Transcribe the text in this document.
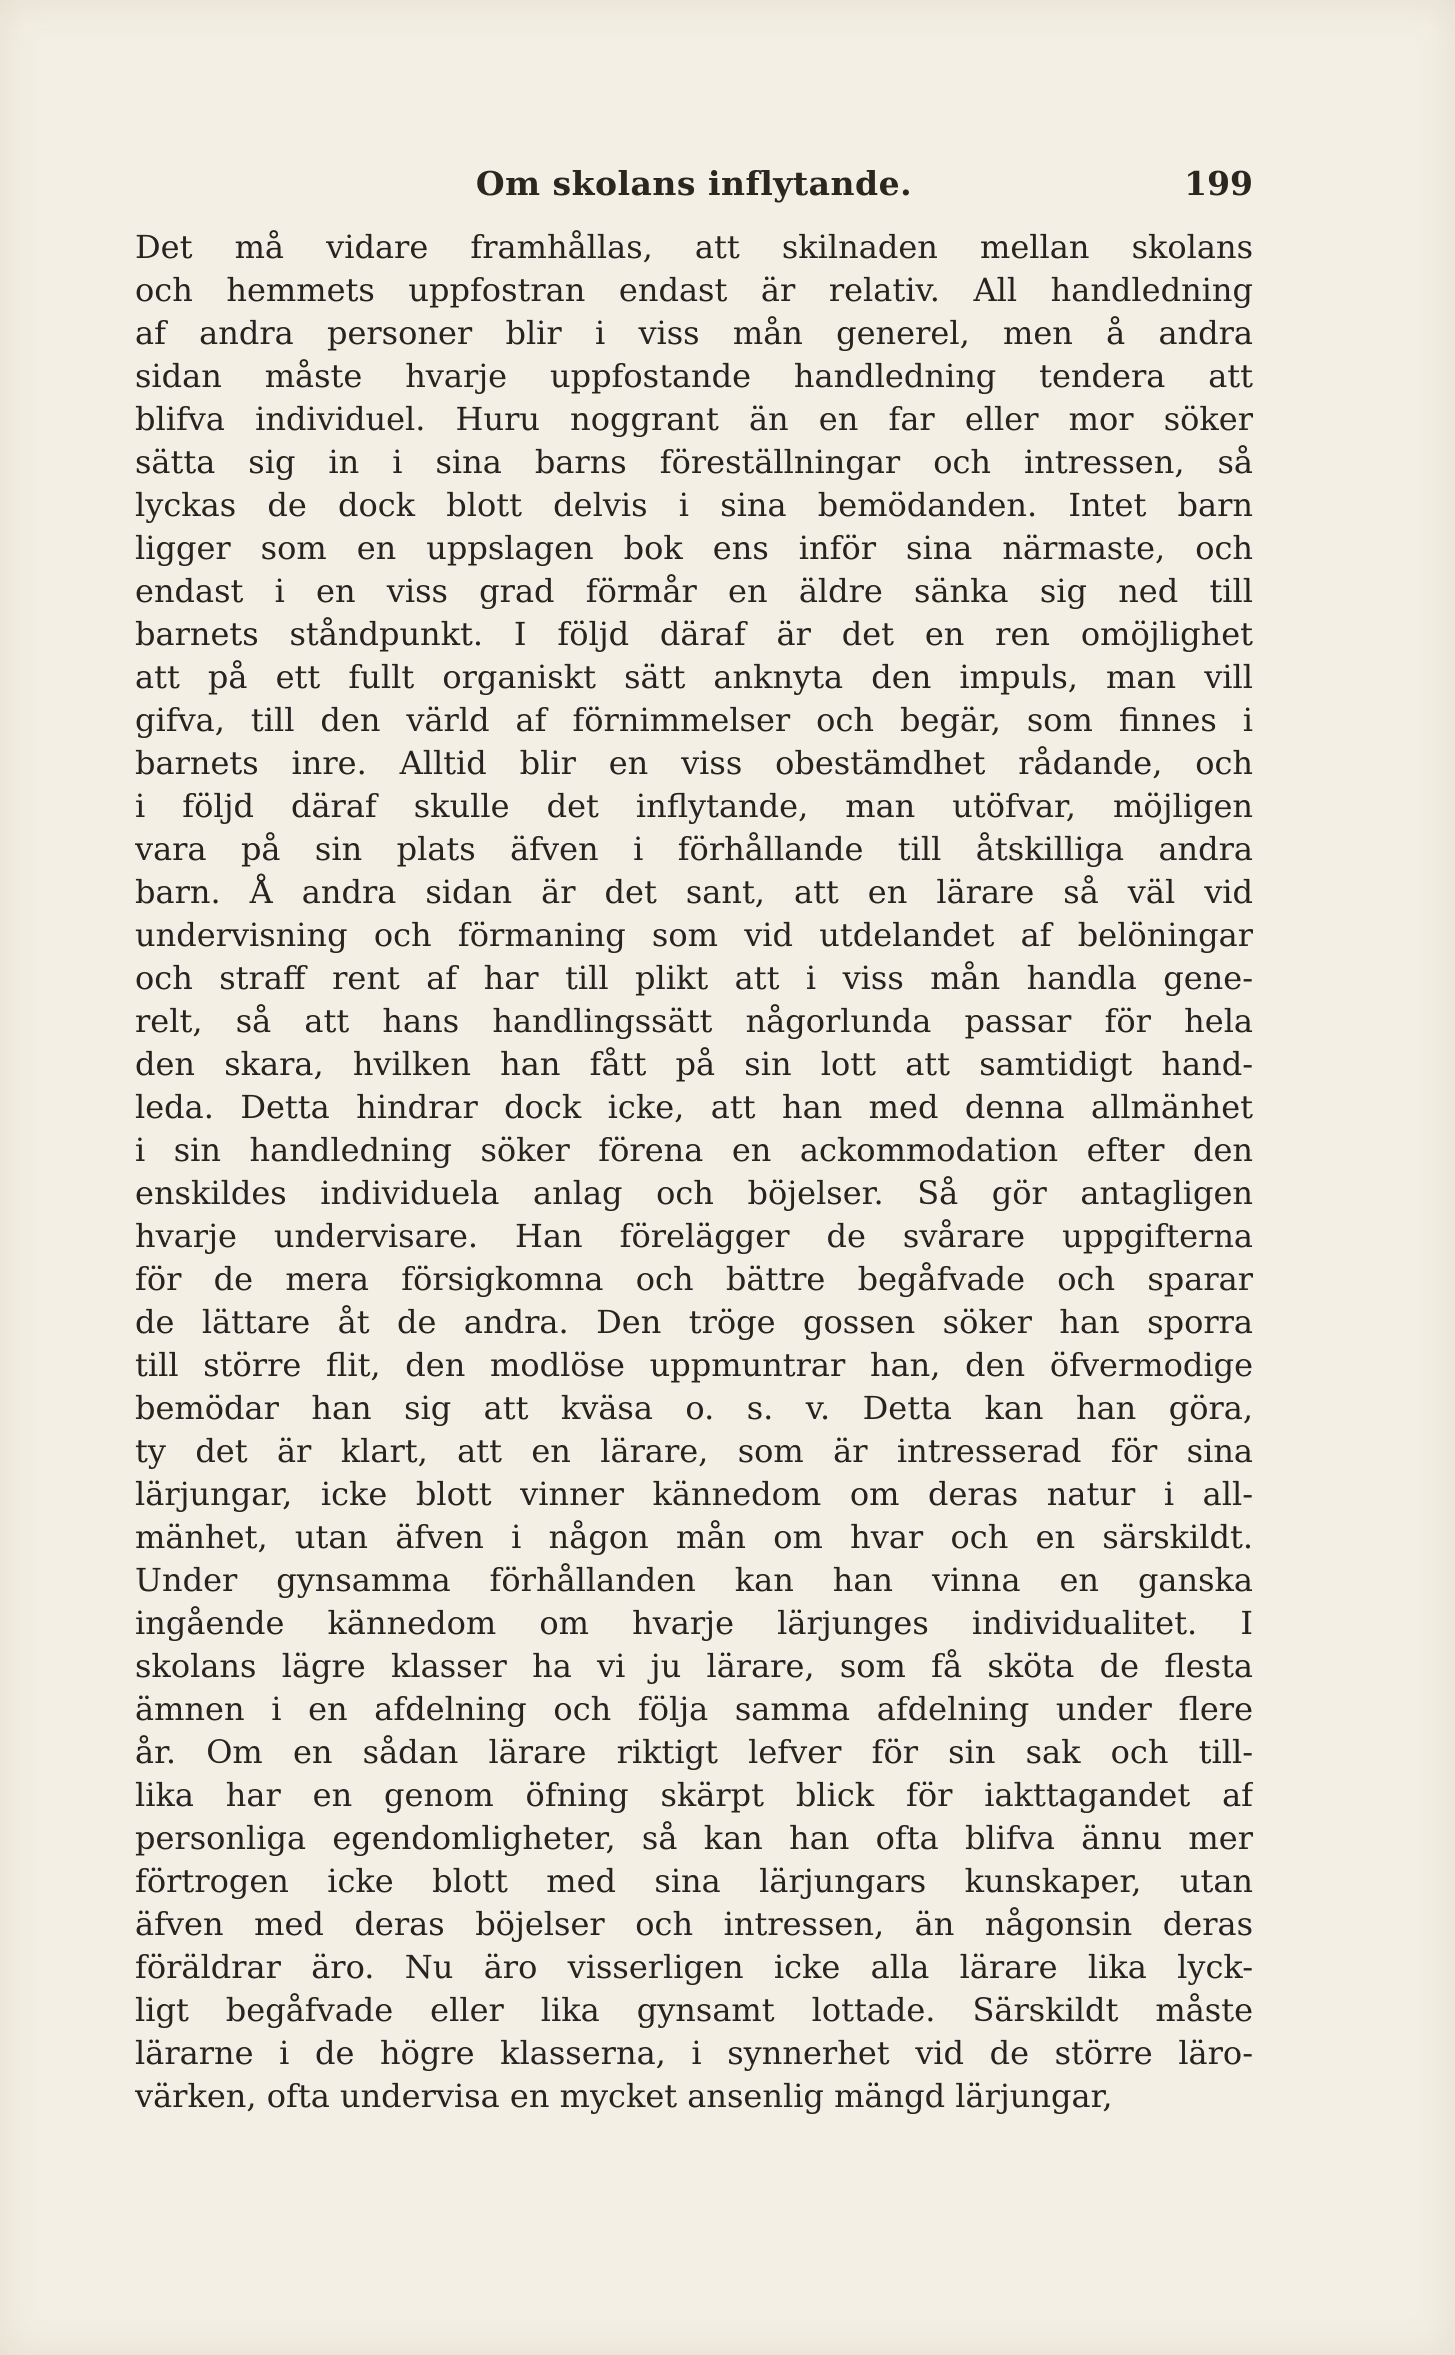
Om skolans inflytande.	199
Det må vidare framhållas, att skilnaden mellan skolans
och hemmets uppfostran endast är relativ. All handledning
af andra personer blir i viss mån generel, men å andra
sidan måste hvarje uppfostande handledning tendera att
blifva individuel. Huru noggrant än en far eller mor söker
sätta sig in i sina barns föreställningar och intressen, så
lyckas de dock blott delvis i sina bemödanden. Intet barn
ligger som en uppslagen bok ens inför sina närmaste, och
endast i en viss grad förmår en äldre sänka sig ned till
barnets ståndpunkt. I följd däraf är det en ren omöjlighet
att på ett fullt organiskt sätt anknyta den impuls, man vill
gifva, till den värld af förnimmelser och begär, som finnes i
barnets inre. Alltid blir en viss obestämdhet rådande, och
i följd däraf skulle det inflytande, man utöfvar, möjligen
vara på sin plats äfven i förhållande till åtskilliga andra
barn. Å andra sidan är det sant, att en lärare så väl vid
undervisning och förmaning som vid utdelandet af belöningar
och straff rent af har till plikt att i viss mån handla gene-
relt, så att hans handlingssätt någorlunda passar för hela
den skara, hvilken han fått på sin lott att samtidigt hand-
leda. Detta hindrar dock icke, att han med denna allmänhet
i sin handledning söker förena en ackommodation efter den
enskildes individuela anlag och böjelser. Så gör antagligen
hvarje undervisare. Han förelägger de svårare uppgifterna
för de mera försigkomna och bättre begåfvade och sparar
de lättare åt de andra. Den tröge gossen söker han sporra
till större flit, den modlöse uppmuntrar han, den öfvermodige
bemödar han sig att kväsa o. s. v. Detta kan han göra,
ty det är klart, att en lärare, som är intresserad för sina
lärjungar, icke blott vinner kännedom om deras natur i all-
mänhet, utan äfven i någon mån om hvar och en särskildt.
Under gynsamma förhållanden kan han vinna en ganska
ingående kännedom om hvarje lärjunges individualitet. I
skolans lägre klasser ha vi ju lärare, som få sköta de flesta
ämnen i en afdelning och följa samma afdelning under flere
år. Om en sådan lärare riktigt lefver för sin sak och till-
lika har en genom öfning skärpt blick för iakttagandet af
personliga egendomligheter, så kan han ofta blifva ännu mer
förtrogen icke blott med sina lärjungars kunskaper, utan
äfven med deras böjelser och intressen, än någonsin deras
föräldrar äro. Nu äro visserligen icke alla lärare lika lyck-
ligt begåfvade eller lika gynsamt lottade. Särskildt måste
lärarne i de högre klasserna, i synnerhet vid de större läro-
värken, ofta undervisa en mycket ansenlig mängd lärjungar,
